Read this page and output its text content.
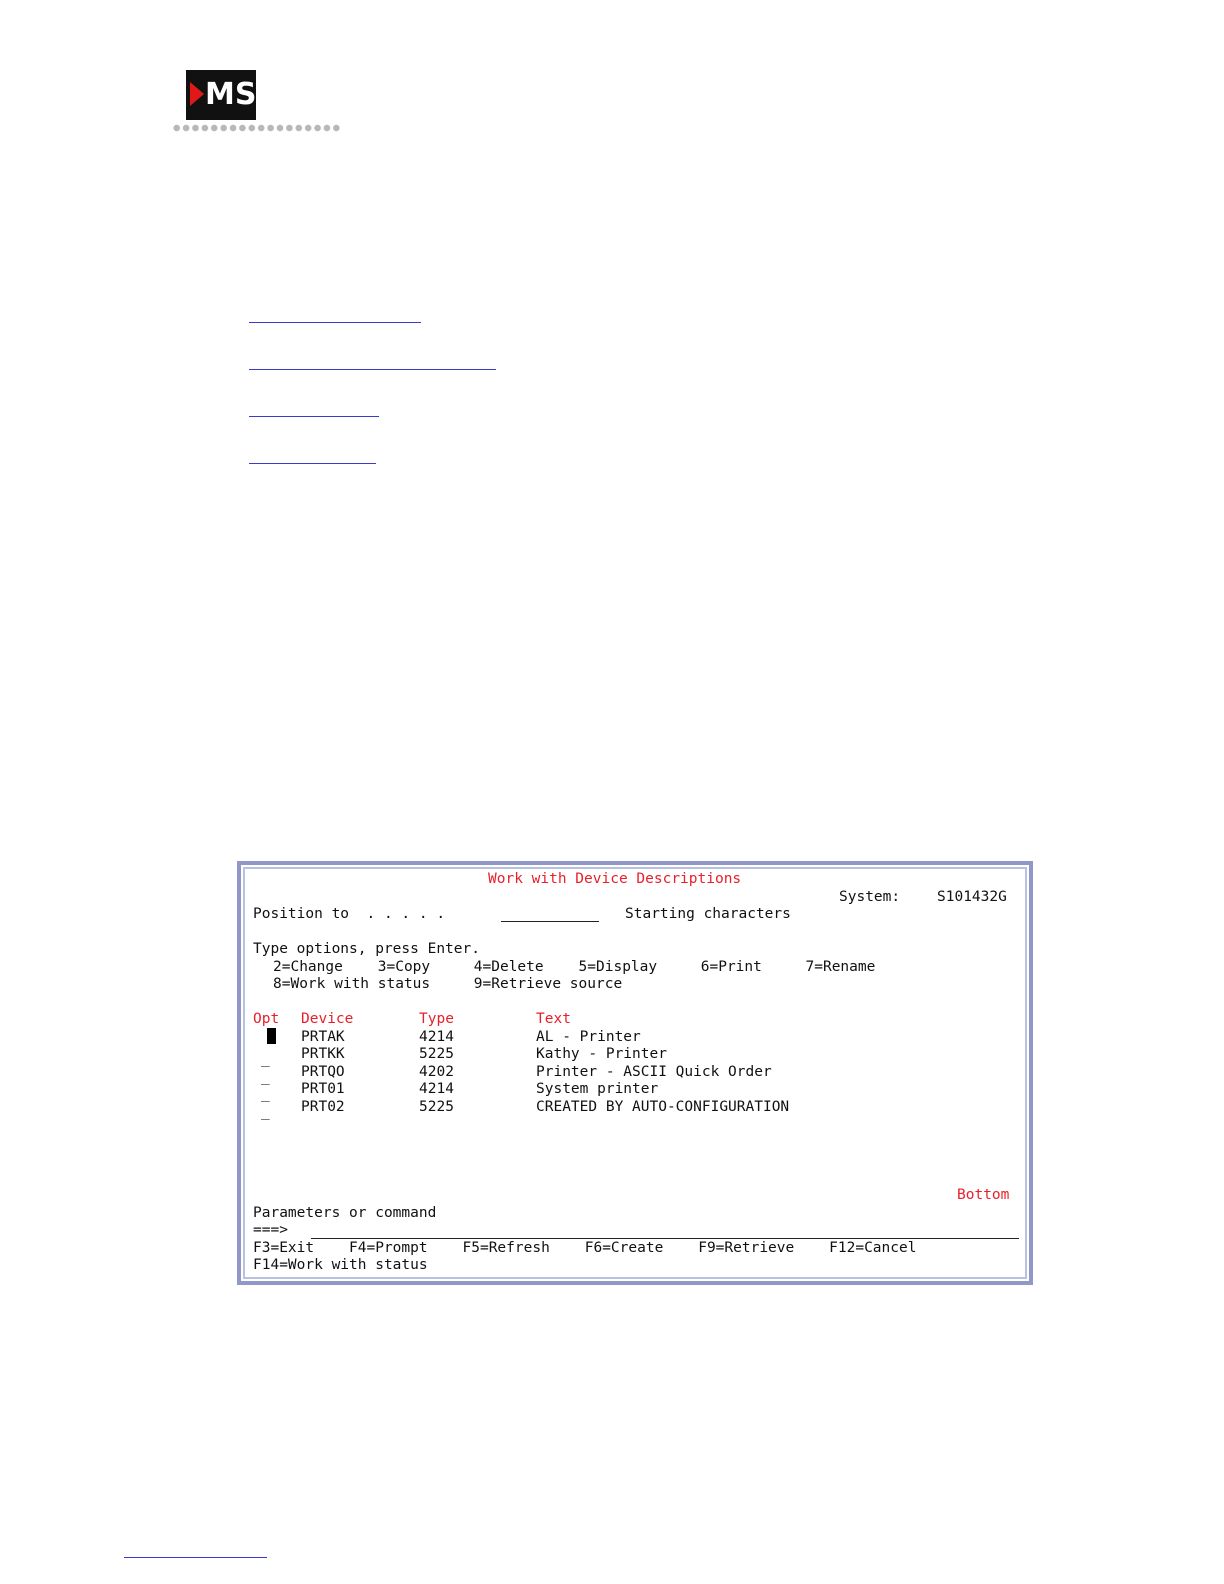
MS
Work with Device Descriptions
System:	S101432G
Position to  . . . . .	Starting characters
Type options, press Enter.
2=Change    3=Copy     4=Delete    5=Display     6=Print     7=Rename
8=Work with status     9=Retrieve source
Opt Device	Type	Text
PRTAK	4214	AL - Printer
_ PRTKK	5225	Kathy - Printer
_ PRTQO	4202	Printer - ASCII Quick Order
_ PRT01	4214	System printer
_ PRT02	5225	CREATED BY AUTO-CONFIGURATION
Bottom
Parameters or command
===>
F3=Exit    F4=Prompt    F5=Refresh    F6=Create    F9=Retrieve    F12=Cancel
F14=Work with status
